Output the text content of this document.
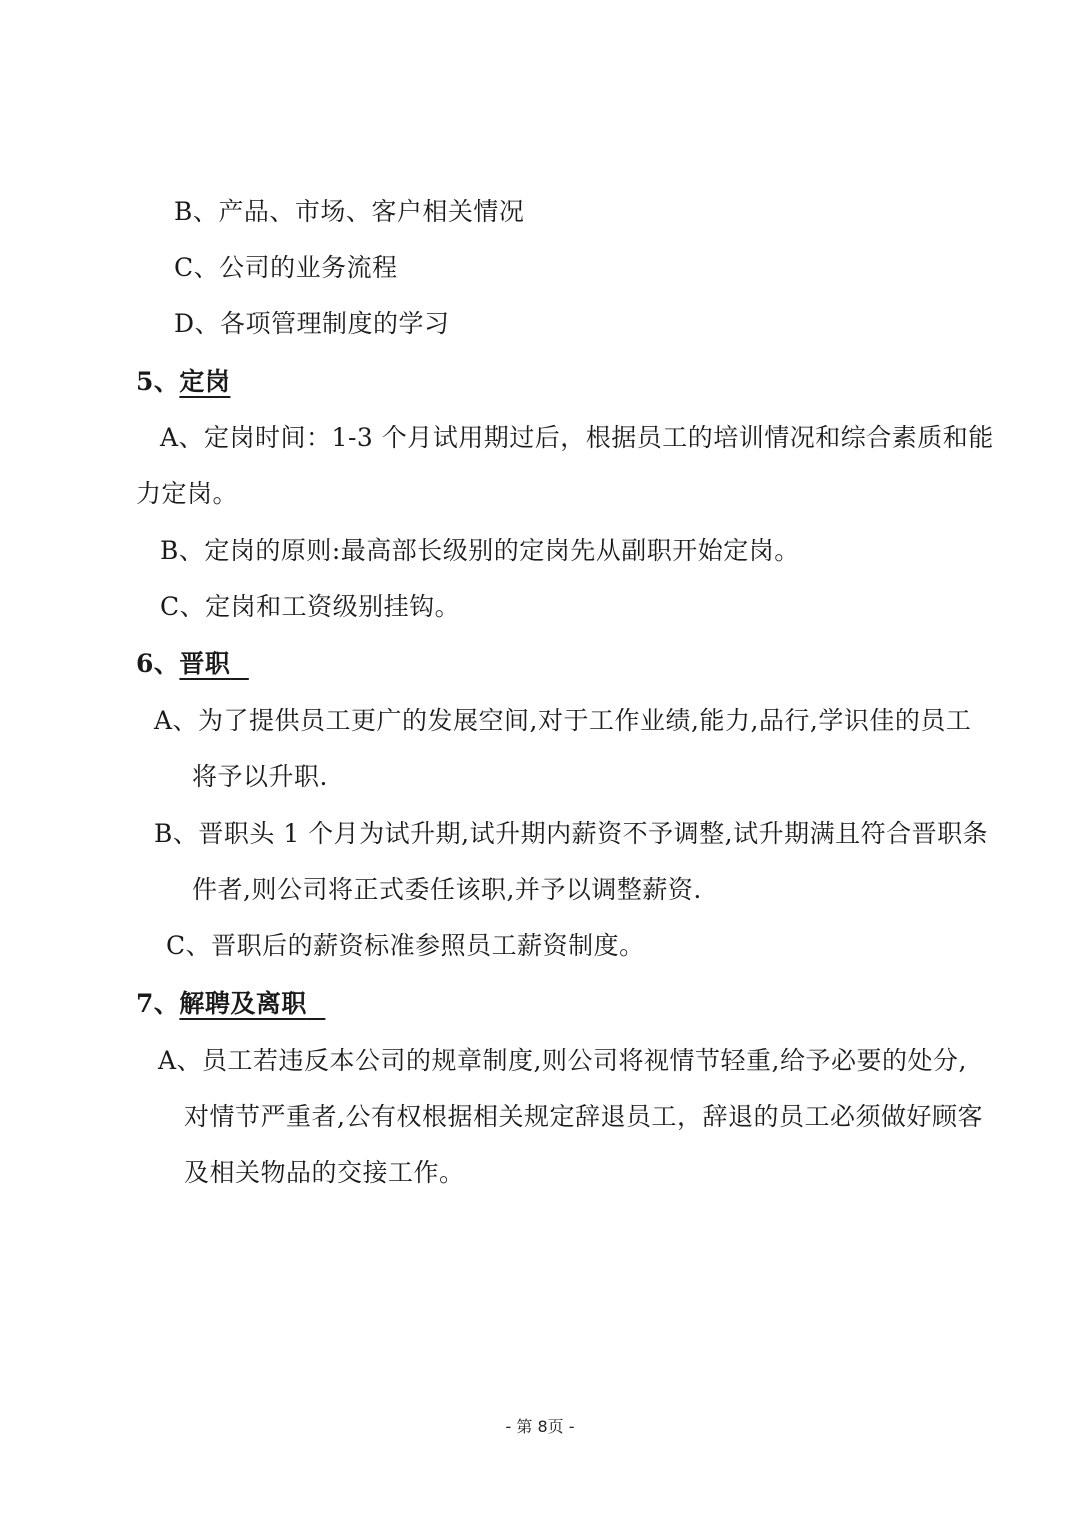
B、产品、市场、客户相关情况
C、公司的业务流程
D、各项管理制度的学习
5、定岗
A、定岗时间：1-3 个月试用期过后，根据员工的培训情况和综合素质和能
力定岗。
B、定岗的原则:最高部长级别的定岗先从副职开始定岗。
C、定岗和工资级别挂钩。
6、晋职
A、为了提供员工更广的发展空间,对于工作业绩,能力,品行,学识佳的员工
将予以升职.
B、晋职头 1 个月为试升期,试升期内薪资不予调整,试升期满且符合晋职条
件者,则公司将正式委任该职,并予以调整薪资.
C、晋职后的薪资标准参照员工薪资制度。
7、解聘及离职
A、员工若违反本公司的规章制度,则公司将视情节轻重,给予必要的处分,
对情节严重者,公有权根据相关规定辞退员工，辞退的员工必须做好顾客
及相关物品的交接工作。
- 第 8页 -
